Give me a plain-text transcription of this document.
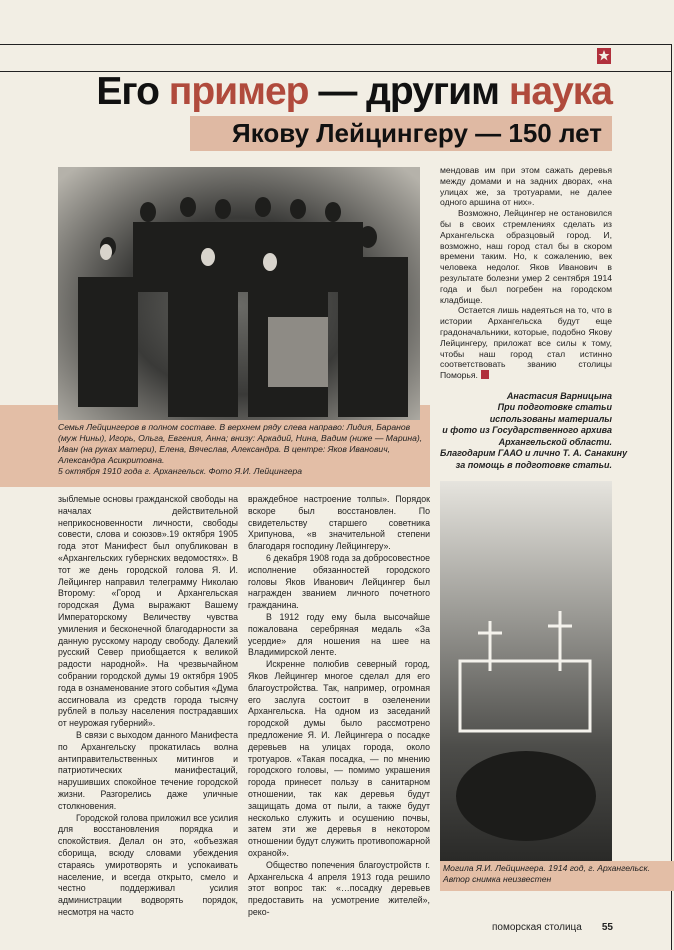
Его пример — другим наука
Якову Лейцингеру — 150 лет
Семья Лейцингеров в полном составе. В верхнем ряду слева направо: Лидия, Баранов (муж Нины), Игорь, Ольга, Евгения, Анна; внизу: Аркадий, Нина, Вадим (ниже — Марина), Иван (на руках матери), Елена, Вячеслав, Александра. В центре: Яков Иванович, Александра Асикритовна.
5 октября 1910 года г. Архангельск. Фото Я.И. Лейцингера

мендовав им при этом сажать деревья между домами и на задних дворах, «на улицах же, за тротуарами, не далее одного аршина от них».

Возможно, Лейцингер не остановился бы в своих стремлениях сделать из Архангельска образцовый город. И, возможно, наш город стал бы в скором времени таким. Но, к сожалению, век человека недолог. Яков Иванович в результате болезни умер 2 сентября 1914 года и был погребен на городском кладбище.

Остается лишь надеяться на то, что в истории Архангельска будут еще градоначальники, которые, подобно Якову Лейцингеру, приложат все силы к тому, чтобы наш город стал истинно соответствовать званию столицы Поморья.

Анастасия Варницына
При подготовке статьи
использованы материалы
и фото из Государственного архива
Архангельской области.
Благодарим ГААО и лично Т. А. Санакину
за помощь в подготовке статьи.
Могила Я.И. Лейцингера. 1914 год, г. Архангельск.
Автор снимка неизвестен

зыблемые основы гражданской свободы на началах действительной неприкосновенности личности, свободы совести, слова и союзов».19 октября 1905 года этот Манифест был опубликован в «Архангельских губернских ведомостях». В тот же день городской голова Я. И. Лейцингер направил телеграмму Николаю Второму: «Город и Архангельская городская Дума выражают Вашему Императорскому Величеству чувства умиления и бесконечной благодарности за данную русскому народу свободу. Далекий русский Север приобщается к великой радости народной». На чрезвычайном собрании городской думы 19 октября 1905 года в ознаменование этого события «Дума ассигновала из средств города тысячу рублей в пользу населения пострадавших от неурожая губерний».

В связи с выходом данного Манифеста по Архангельску прокатилась волна антиправительственных митингов и патриотических манифестаций, нарушивших спокойное течение городской жизни. Разгорелись даже уличные столкновения.

Городской голова приложил все усилия для восстановления порядка и спокойствия. Делал он это, «объезжая сборища, всюду словами убеждения стараясь умиротворять и успокаивать население, и всегда открыто, смело и честно поддерживал усилия администрации водворять порядок, несмотря на часто

враждебное настроение толпы». Порядок вскоре был восстановлен. По свидетельству старшего советника Хрипунова, «в значительной степени благодаря господину Лейцингеру».

6 декабря 1908 года за добросовестное исполнение обязанностей городского головы Яков Иванович Лейцингер был награжден званием личного почетного гражданина.

В 1912 году ему была высочайше пожалована серебряная медаль «За усердие» для ношения на шее на Владимирской ленте.

Искренне полюбив северный город, Яков Лейцингер многое сделал для его благоустройства. Так, например, огромная его заслуга состоит в озеленении Архангельска. На одном из заседаний городской думы было рассмотрено предложение Я. И. Лейцингера о посадке деревьев на улицах города, около тротуаров. «Такая посадка, — по мнению городского головы, — помимо украшения города принесет пользу в санитарном отношении, так как деревья будут защищать дома от пыли, а также будут несколько служить и осушению почвы, затем эти же деревья в некотором отношении будут служить противопожарной охраной».

Общество попечения благоустройств г. Архангельска 4 апреля 1913 года решило этот вопрос так: «…посадку деревьев предоставить на усмотрение жителей», реко-

поморская столица 55
